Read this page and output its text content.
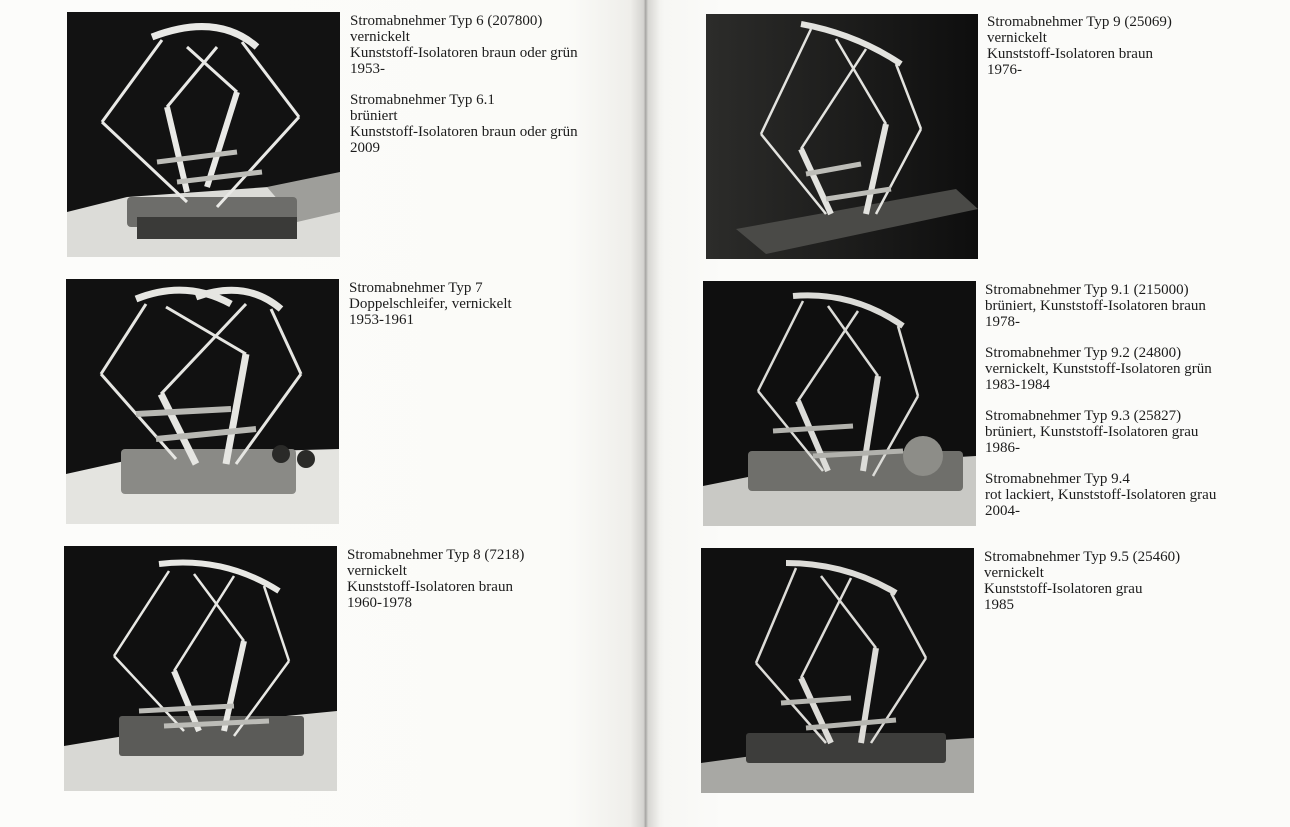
Stromabnehmer Typ 6 (207800)
vernickelt
Kunststoff-Isolatoren braun oder grün
1953-
Stromabnehmer Typ 6.1
brüniert
Kunststoff-Isolatoren braun oder grün
2009
Stromabnehmer Typ 7
Doppelschleifer, vernickelt
1953-1961
Stromabnehmer Typ 8 (7218)
vernickelt
Kunststoff-Isolatoren braun
1960-1978
Stromabnehmer Typ 9 (25069)
vernickelt
Kunststoff-Isolatoren braun
1976-
Stromabnehmer Typ 9.1 (215000)
brüniert, Kunststoff-Isolatoren braun
1978-
Stromabnehmer Typ 9.2 (24800)
vernickelt, Kunststoff-Isolatoren grün
1983-1984
Stromabnehmer Typ 9.3 (25827)
brüniert, Kunststoff-Isolatoren grau
1986-
Stromabnehmer Typ 9.4
rot lackiert, Kunststoff-Isolatoren grau
2004-
Stromabnehmer Typ 9.5 (25460)
vernickelt
Kunststoff-Isolatoren grau
1985
